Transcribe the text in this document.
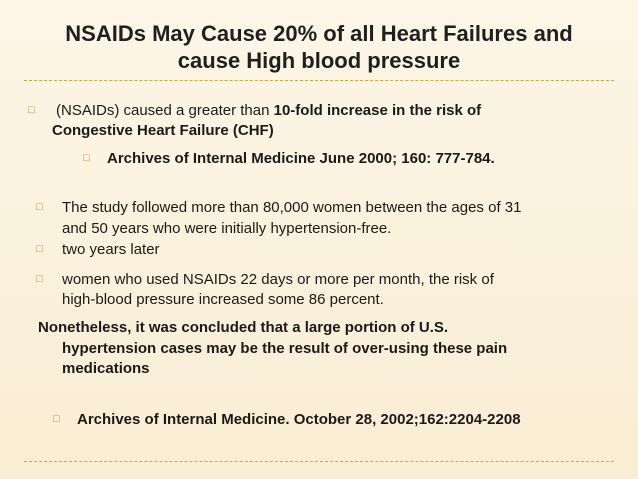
NSAIDs May Cause 20% of all Heart Failures and
cause High blood pressure
□ (NSAIDs) caused a greater than 10-fold increase in the risk of
Congestive Heart Failure (CHF)
□ Archives of Internal Medicine June 2000; 160: 777-784.
□ The study followed more than 80,000 women between the ages of 31
and 50 years who were initially hypertension-free.
□ two years later
□ women who used NSAIDs 22 days or more per month, the risk of
high-blood pressure increased some 86 percent.
Nonetheless, it was concluded that a large portion of U.S.
hypertension cases may be the result of over-using these pain
medications
□ Archives of Internal Medicine. October 28, 2002;162:2204-2208
